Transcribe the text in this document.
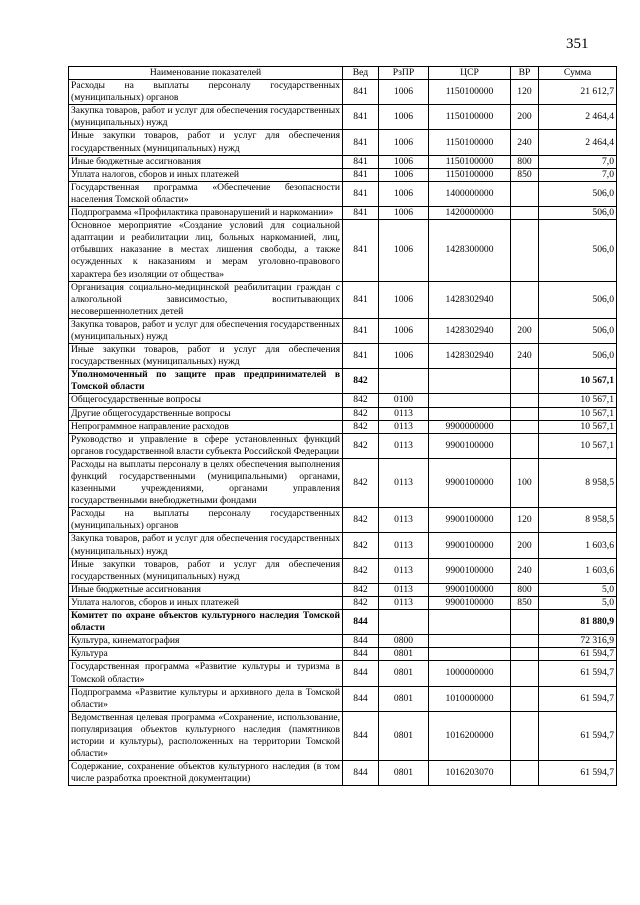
351
Наименование показателей	Вед	РзПР	ЦСР	ВР	Сумма
Расходы на выплаты персоналу государственных (муниципальных) органов	841	1006	1150100000	120	21 612,7
Закупка товаров, работ и услуг для обеспечения государственных (муниципальных) нужд	841	1006	1150100000	200	2 464,4
Иные закупки товаров, работ и услуг для обеспечения государственных (муниципальных) нужд	841	1006	1150100000	240	2 464,4
Иные бюджетные ассигнования	841	1006	1150100000	800	7,0
Уплата налогов, сборов и иных платежей	841	1006	1150100000	850	7,0
Государственная программа «Обеспечение безопасности населения Томской области»	841	1006	1400000000		506,0
Подпрограмма «Профилактика правонарушений и наркомании»	841	1006	1420000000		506,0
Основное мероприятие «Создание условий для социальной адаптации и реабилитации лиц, больных наркоманией, лиц, отбывших наказание в местах лишения свободы, а также осужденных к наказаниям и мерам уголовно-правового характера без изоляции от общества»	841	1006	1428300000		506,0
Организация социально-медицинской реабилитации граждан с алкогольной зависимостью, воспитывающих несовершеннолетних детей	841	1006	1428302940		506,0
Закупка товаров, работ и услуг для обеспечения государственных (муниципальных) нужд	841	1006	1428302940	200	506,0
Иные закупки товаров, работ и услуг для обеспечения государственных (муниципальных) нужд	841	1006	1428302940	240	506,0
Уполномоченный по защите прав предпринимателей в Томской области	842				10 567,1
Общегосударственные вопросы	842	0100			10 567,1
Другие общегосударственные вопросы	842	0113			10 567,1
Непрограммное направление расходов	842	0113	9900000000		10 567,1
Руководство и управление в сфере установленных функций органов государственной власти субъекта Российской Федерации	842	0113	9900100000		10 567,1
Расходы на выплаты персоналу в целях обеспечения выполнения функций государственными (муниципальными) органами, казенными учреждениями, органами управления государственными внебюджетными фондами	842	0113	9900100000	100	8 958,5
Расходы на выплаты персоналу государственных (муниципальных) органов	842	0113	9900100000	120	8 958,5
Закупка товаров, работ и услуг для обеспечения государственных (муниципальных) нужд	842	0113	9900100000	200	1 603,6
Иные закупки товаров, работ и услуг для обеспечения государственных (муниципальных) нужд	842	0113	9900100000	240	1 603,6
Иные бюджетные ассигнования	842	0113	9900100000	800	5,0
Уплата налогов, сборов и иных платежей	842	0113	9900100000	850	5,0
Комитет по охране объектов культурного наследия Томской области	844				81 880,9
Культура, кинематография	844	0800			72 316,9
Культура	844	0801			61 594,7
Государственная программа «Развитие культуры и туризма в Томской области»	844	0801	1000000000		61 594,7
Подпрограмма «Развитие культуры и архивного дела в Томской области»	844	0801	1010000000		61 594,7
Ведомственная целевая программа «Сохранение, использование, популяризация объектов культурного наследия (памятников истории и культуры), расположенных на территории Томской области»	844	0801	1016200000		61 594,7
Содержание, сохранение объектов культурного наследия (в том числе разработка проектной документации)	844	0801	1016203070		61 594,7
